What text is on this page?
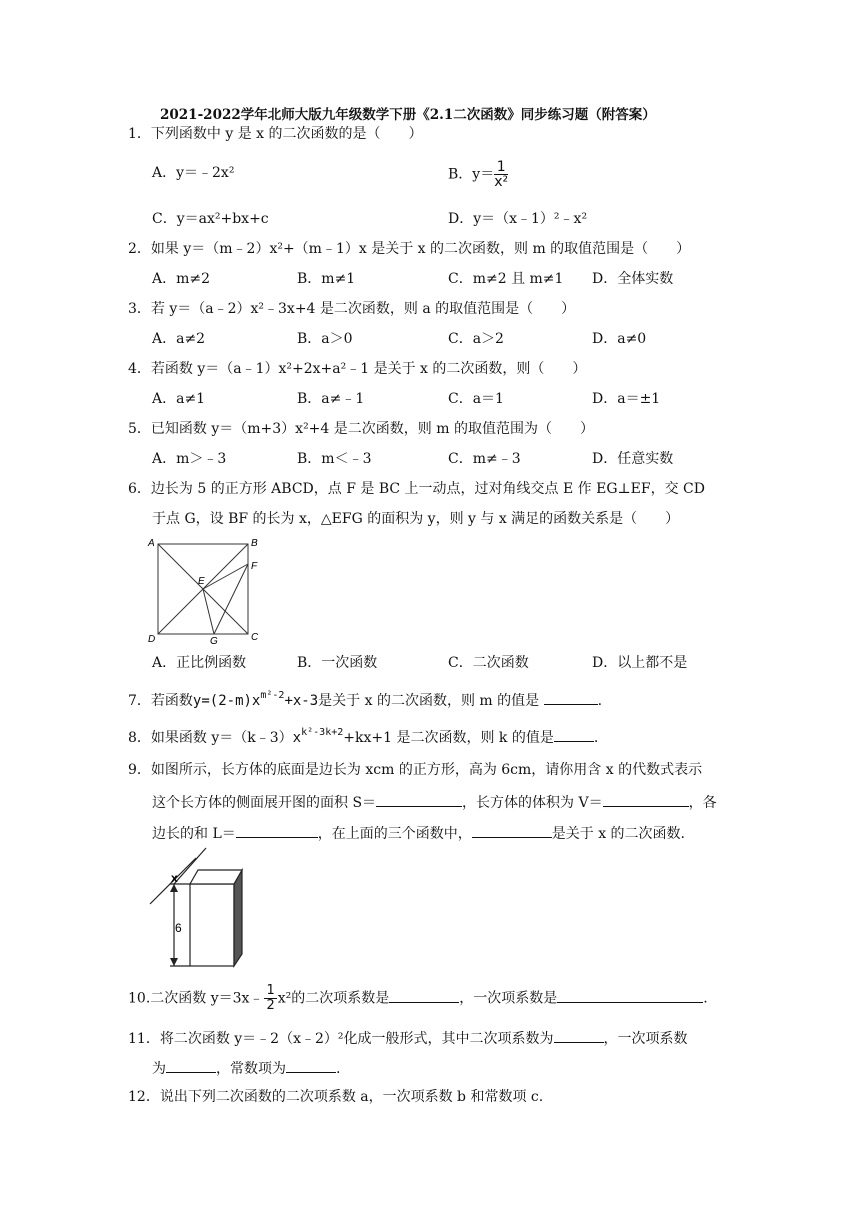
2021-2022学年北师大版九年级数学下册《2.1二次函数》同步练习题（附答案）
1．下列函数中 y 是 x 的二次函数的是（　　）
A．y＝﹣2x²	B．$y= \frac{1}{\text{x²}}$
C．y＝ax²+bx+c	D．y＝（x﹣1）²﹣x²
2．如果 y＝（m﹣2）x²+（m﹣1）x 是关于 x 的二次函数，则 m 的取值范围是（　　）
A．m≠2	B．m≠1	C．m≠2 且 m≠1 D．全体实数
3．若 y＝（a﹣2）x²﹣3x+4 是二次函数，则 a 的取值范围是（　　）
A．a≠2	B．a＞0	C．a＞2	D．a≠0
4．若函数 y＝（a﹣1）x²+2x+a²﹣1 是关于 x 的二次函数，则（　　）
A．a≠1	B．a≠﹣1	C．a＝1	D．a＝±1
5．已知函数 y＝（m+3）x²+4 是二次函数，则 m 的取值范围为（　　）
A．m＞﹣3	B．m＜﹣3	C．m≠﹣3	D．任意实数
6．边长为 5 的正方形 ABCD，点 F 是 BC 上一动点，过对角线交点 E 作 EG⊥EF，交 CD
于点 G，设 BF 的长为 x，△EFG 的面积为 y，则 y 与 x 满足的函数关系是（　　）
A	B
F
E
D	G	C
A．正比例函数	B．一次函数	C．二次函数	D．以上都不是
7．若函数$y=(2-m)x^{m^2-2}+x-3$是关于 x 的二次函数，则 m 的值是	.
8．如果函数 $y=(k﹣3)x^{k^2-3k+2}+kx+1$ 是二次函数，则 k 的值是	.
9．如图所示，长方体的底面是边长为 xcm 的正方形，高为 6cm，请你用含 x 的代数式表示
这个长方体的侧面展开图的面积 S＝	，长方体的体积为 V＝	，各
边长的和 L＝	，在上面的三个函数中，	是关于 x 的二次函数.
x
6
10.二次函数 y＝3x﹣ $\frac{1}{2} x^2$的二次项系数是	，一次项系数是	.
11．将二次函数 y＝﹣2（x﹣2）²化成一般形式，其中二次项系数为	，一次项系数
为	，常数项为	.
12．说出下列二次函数的二次项系数 a，一次项系数 b 和常数项 c.
